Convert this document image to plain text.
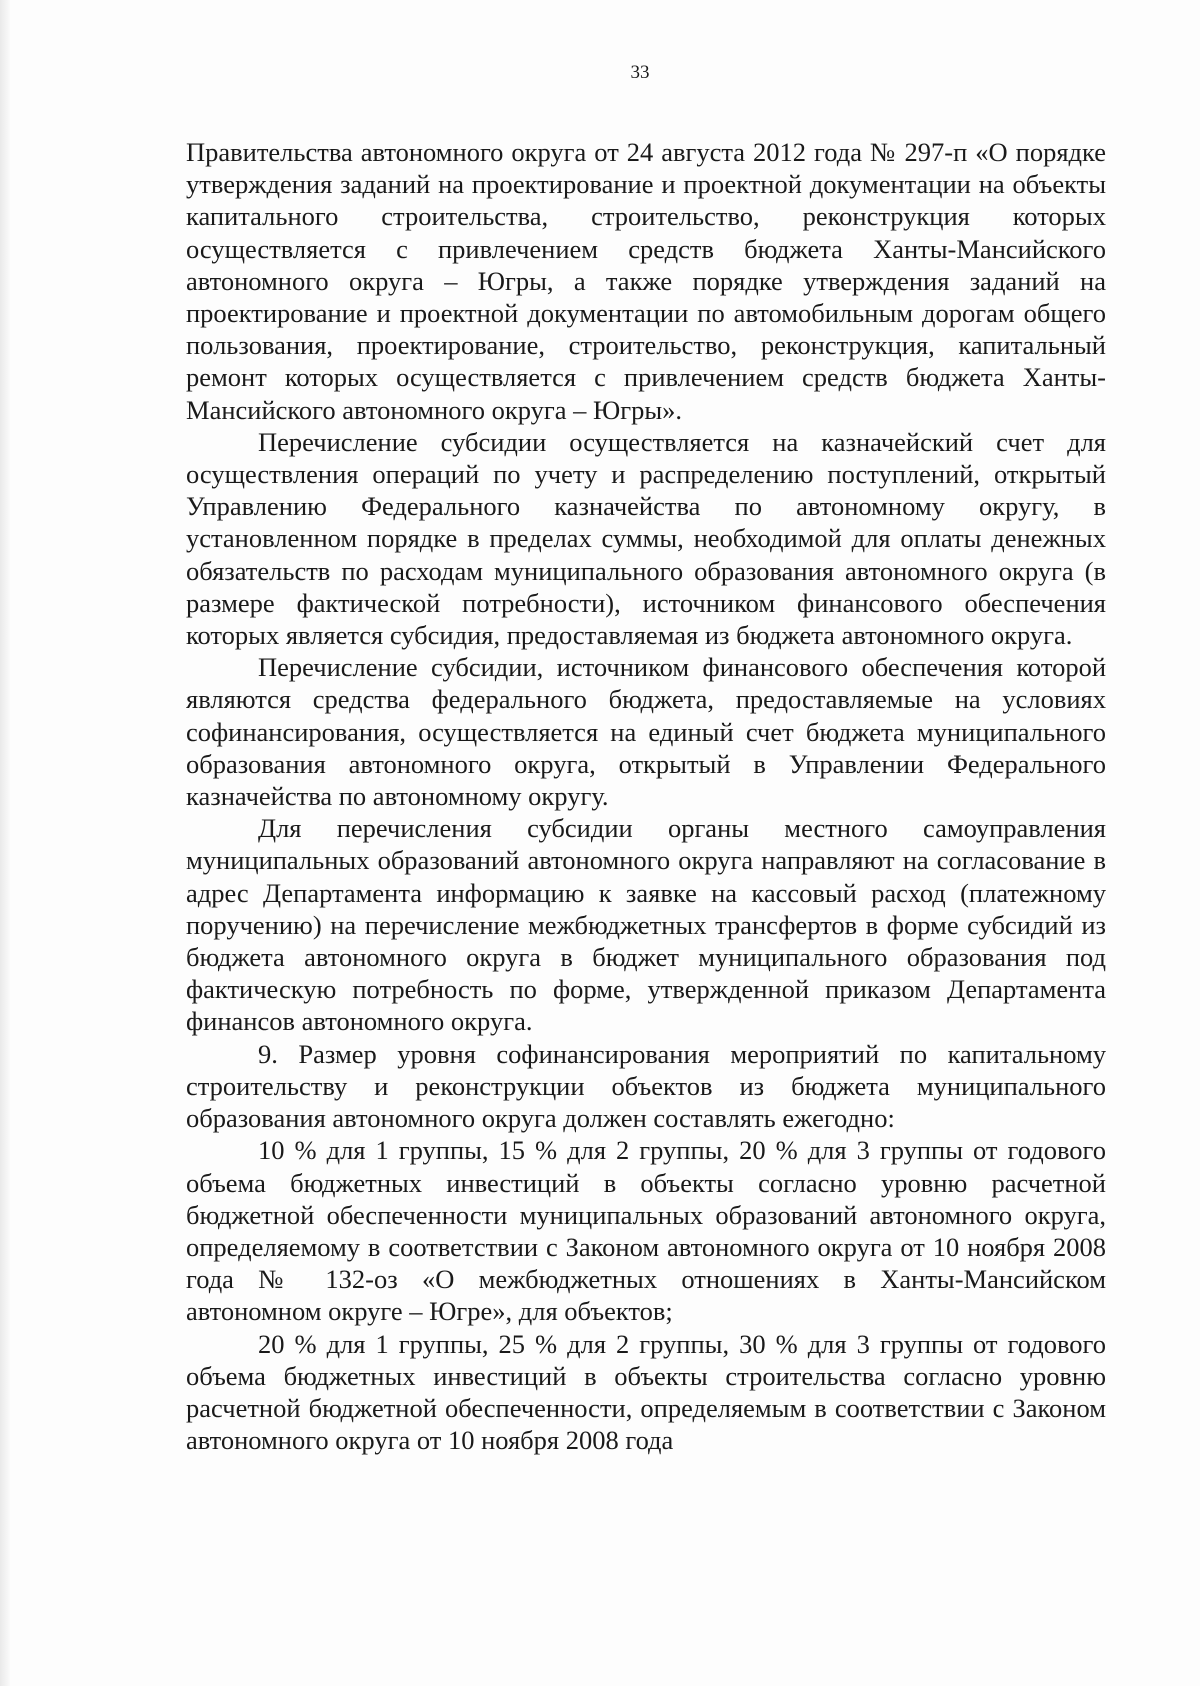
33

Правительства автономного округа от 24 августа 2012 года № 297-п «О порядке утверждения заданий на проектирование и проектной документации на объекты капитального строительства, строительство, реконструкция которых осуществляется с привлечением средств бюджета Ханты-Мансийского автономного округа – Югры, а также порядке утверждения заданий на проектирование и проектной документации по автомобильным дорогам общего пользования, проектирование, строительство, реконструкция, капитальный ремонт которых осуществляется с привлечением средств бюджета Ханты-Мансийского автономного округа – Югры».

Перечисление субсидии осуществляется на казначейский счет для осуществления операций по учету и распределению поступлений, открытый Управлению Федерального казначейства по автономному округу, в установленном порядке в пределах суммы, необходимой для оплаты денежных обязательств по расходам муниципального образования автономного округа (в размере фактической потребности), источником финансового обеспечения которых является субсидия, предоставляемая из бюджета автономного округа.

Перечисление субсидии, источником финансового обеспечения которой являются средства федерального бюджета, предоставляемые на условиях софинансирования, осуществляется на единый счет бюджета муниципального образования автономного округа, открытый в Управлении Федерального казначейства по автономному округу.

Для перечисления субсидии органы местного самоуправления муниципальных образований автономного округа направляют на согласование в адрес Департамента информацию к заявке на кассовый расход (платежному поручению) на перечисление межбюджетных трансфертов в форме субсидий из бюджета автономного округа в бюджет муниципального образования под фактическую потребность по форме, утвержденной приказом Департамента финансов автономного округа.

9. Размер уровня софинансирования мероприятий по капитальному строительству и реконструкции объектов из бюджета муниципального образования автономного округа должен составлять ежегодно:

10 % для 1 группы, 15 % для 2 группы, 20 % для 3 группы от годового объема бюджетных инвестиций в объекты согласно уровню расчетной бюджетной обеспеченности муниципальных образований автономного округа, определяемому в соответствии с Законом автономного округа от 10 ноября 2008 года № 132-оз «О межбюджетных отношениях в Ханты-Мансийском автономном округе – Югре», для объектов;

20 % для 1 группы, 25 % для 2 группы, 30 % для 3 группы от годового объема бюджетных инвестиций в объекты строительства согласно уровню расчетной бюджетной обеспеченности, определяемым в соответствии с Законом автономного округа от 10 ноября 2008 года
